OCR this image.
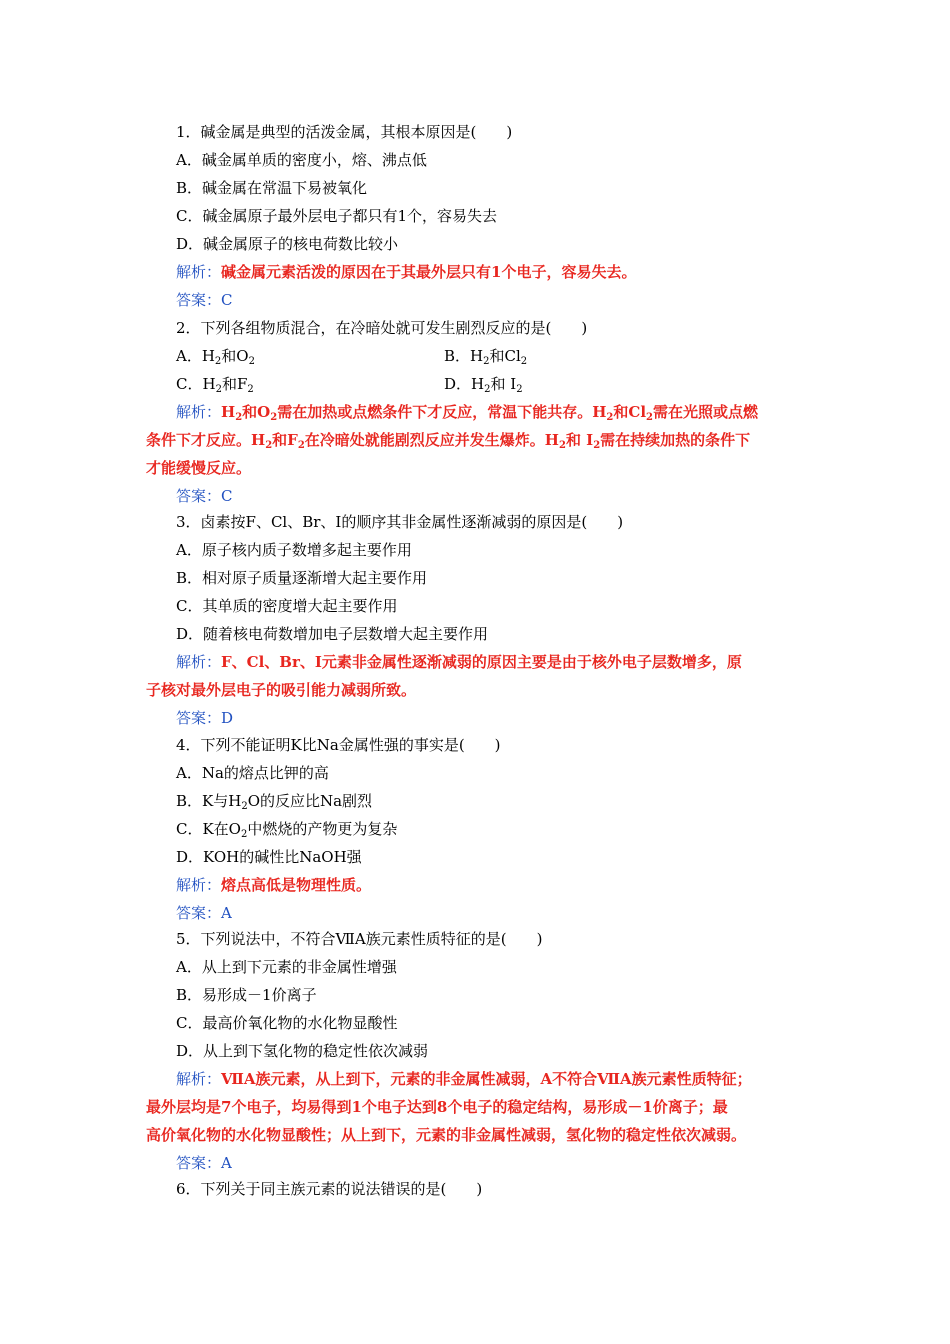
1．碱金属是典型的活泼金属，其根本原因是(　　)
A．碱金属单质的密度小，熔、沸点低
B．碱金属在常温下易被氧化
C．碱金属原子最外层电子都只有1个，容易失去
D．碱金属原子的核电荷数比较小
解析：碱金属元素活泼的原因在于其最外层只有1个电子，容易失去。
答案：C
2．下列各组物质混合，在冷暗处就可发生剧烈反应的是(　　)
A．$H_2$和$O_2$	B．$H_2$和$Cl_2$
C．$H_2$和$F_2$	D．$H_2$和 $I_2$
解析：$H_2$和$O_2$需在加热或点燃条件下才反应，常温下能共存。$H_2$和$Cl_2$需在光照或点燃
条件下才反应。$H_2$和$F_2$在冷暗处就能剧烈反应并发生爆炸。$H_2$和 $I_2$需在持续加热的条件下
才能缓慢反应。
答案：C
3．卤素按F、Cl、Br、I的顺序其非金属性逐渐减弱的原因是(　　)
A．原子核内质子数增多起主要作用
B．相对原子质量逐渐增大起主要作用
C．其单质的密度增大起主要作用
D．随着核电荷数增加电子层数增大起主要作用
解析：F、Cl、Br、I元素非金属性逐渐减弱的原因主要是由于核外电子层数增多，原
子核对最外层电子的吸引能力减弱所致。
答案：D
4．下列不能证明K比Na金属性强的事实是(　　)
A．Na的熔点比钾的高
B．K与$H_2O$的反应比Na剧烈
C．K在$O_2$中燃烧的产物更为复杂
D．KOH的碱性比NaOH强
解析：熔点高低是物理性质。
答案：A
5．下列说法中，不符合ⅦA族元素性质特征的是(　　)
A．从上到下元素的非金属性增强
B．易形成－1价离子
C．最高价氧化物的水化物显酸性
D．从上到下氢化物的稳定性依次减弱
解析：ⅦA族元素，从上到下，元素的非金属性减弱，A不符合ⅦA族元素性质特征；
最外层均是7个电子，均易得到1个电子达到8个电子的稳定结构，易形成－1价离子；最
高价氧化物的水化物显酸性；从上到下，元素的非金属性减弱，氢化物的稳定性依次减弱。
答案：A
6．下列关于同主族元素的说法错误的是(　　)
